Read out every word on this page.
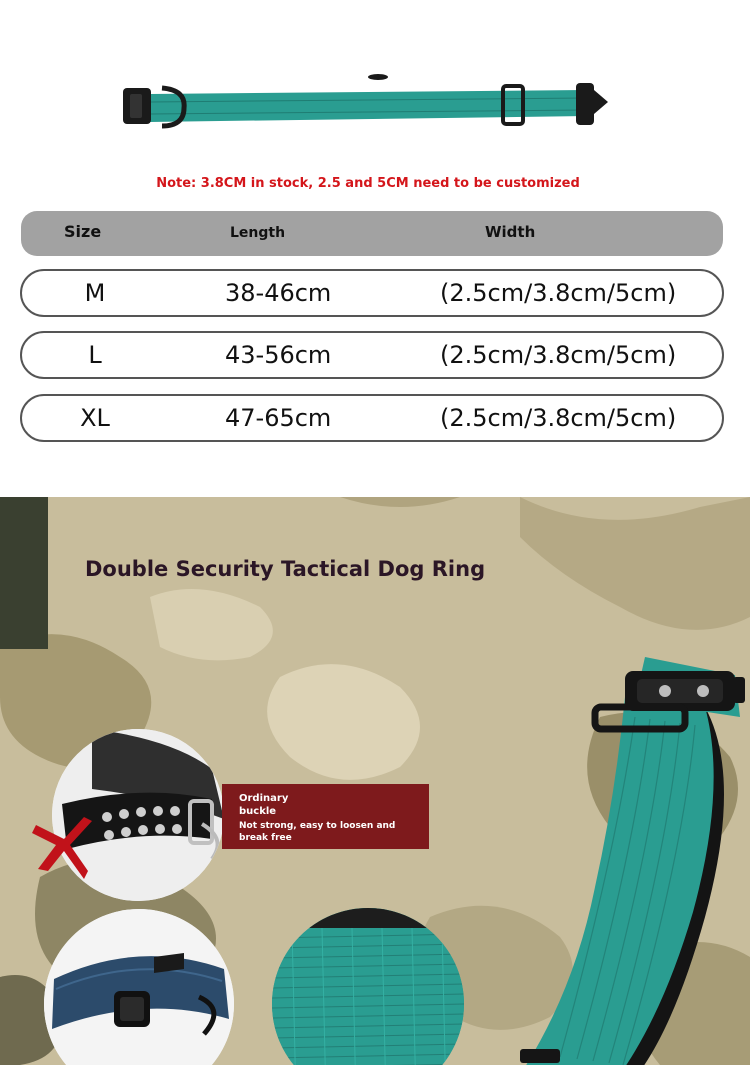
Note: 3.8CM in stock, 2.5 and 5CM need to be customized
Size	Length	Width
M	38-46cm	(2.5cm/3.8cm/5cm)
L	43-56cm	(2.5cm/3.8cm/5cm)
XL	47-65cm	(2.5cm/3.8cm/5cm)
Double Security Tactical Dog Ring
Ordinary buckle
Not strong, easy to loosen and break free
